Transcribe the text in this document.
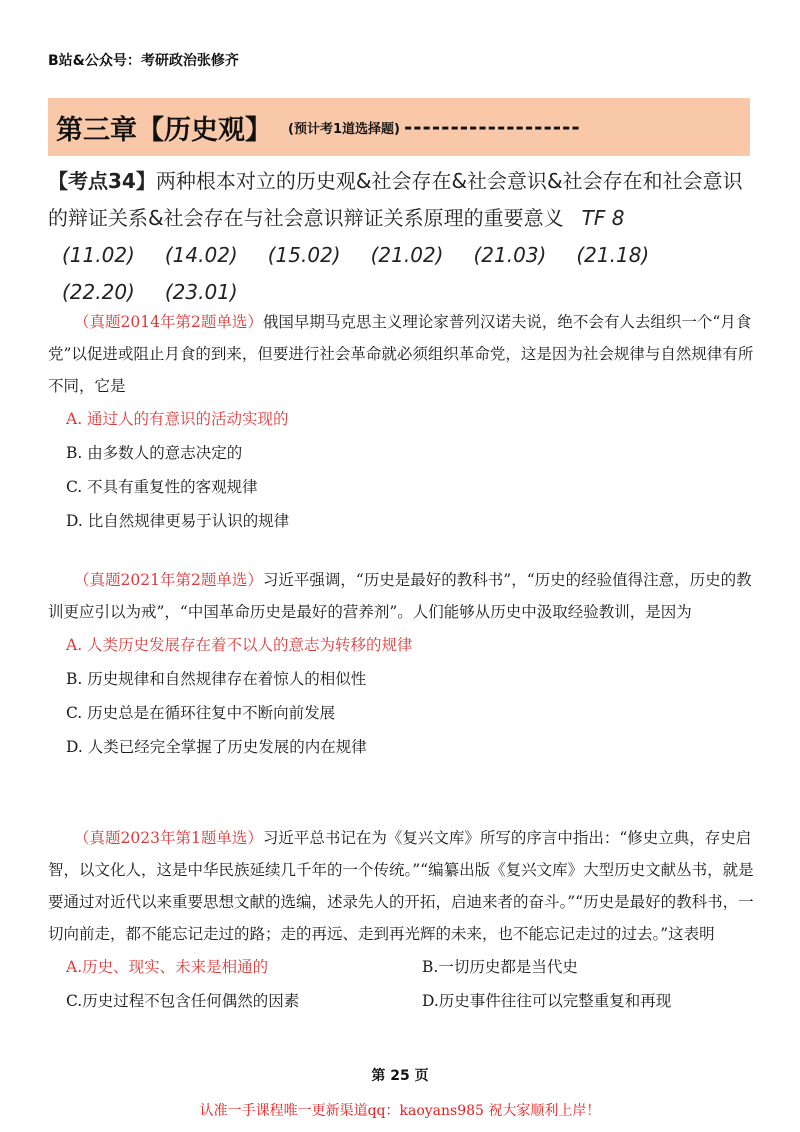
B站&公众号：考研政治张修齐
第三章【历史观】 (预计考1道选择题) -------------------
【考点34】两种根本对立的历史观&社会存在&社会意识&社会存在和社会意识的辩证关系&社会存在与社会意识辩证关系原理的重要意义 TF 8
(11.02) (14.02) (15.02) (21.02) (21.03) (21.18)(22.20) (23.01)

（真题2014年第2题单选）俄国早期马克思主义理论家普列汉诺夫说，绝不会有人去组织一个“月食党”以促进或阻止月食的到来，但要进行社会革命就必须组织革命党，这是因为社会规律与自然规律有所不同，它是

A. 通过人的有意识的活动实现的

B. 由多数人的意志决定的

C. 不具有重复性的客观规律

D. 比自然规律更易于认识的规律

（真题2021年第2题单选）习近平强调，“历史是最好的教科书”，“历史的经验值得注意，历史的教训更应引以为戒”，“中国革命历史是最好的营养剂”。人们能够从历史中汲取经验教训，是因为

A. 人类历史发展存在着不以人的意志为转移的规律

B. 历史规律和自然规律存在着惊人的相似性

C. 历史总是在循环往复中不断向前发展

D. 人类已经完全掌握了历史发展的内在规律

（真题2023年第1题单选）习近平总书记在为《复兴文库》所写的序言中指出：“修史立典，存史启智，以文化人，这是中华民族延续几千年的一个传统。”“编纂出版《复兴文库》大型历史文献丛书，就是要通过对近代以来重要思想文献的选编，述录先人的开拓，启迪来者的奋斗。”“历史是最好的教科书，一切向前走，都不能忘记走过的路；走的再远、走到再光辉的未来，也不能忘记走过的过去。”这表明

A.历史、现实、未来是相通的	B.一切历史都是当代史
C.历史过程不包含任何偶然的因素	D.历史事件往往可以完整重复和再现
第 25 页
认准一手课程唯一更新渠道qq：kaoyans985 祝大家顺利上岸！
